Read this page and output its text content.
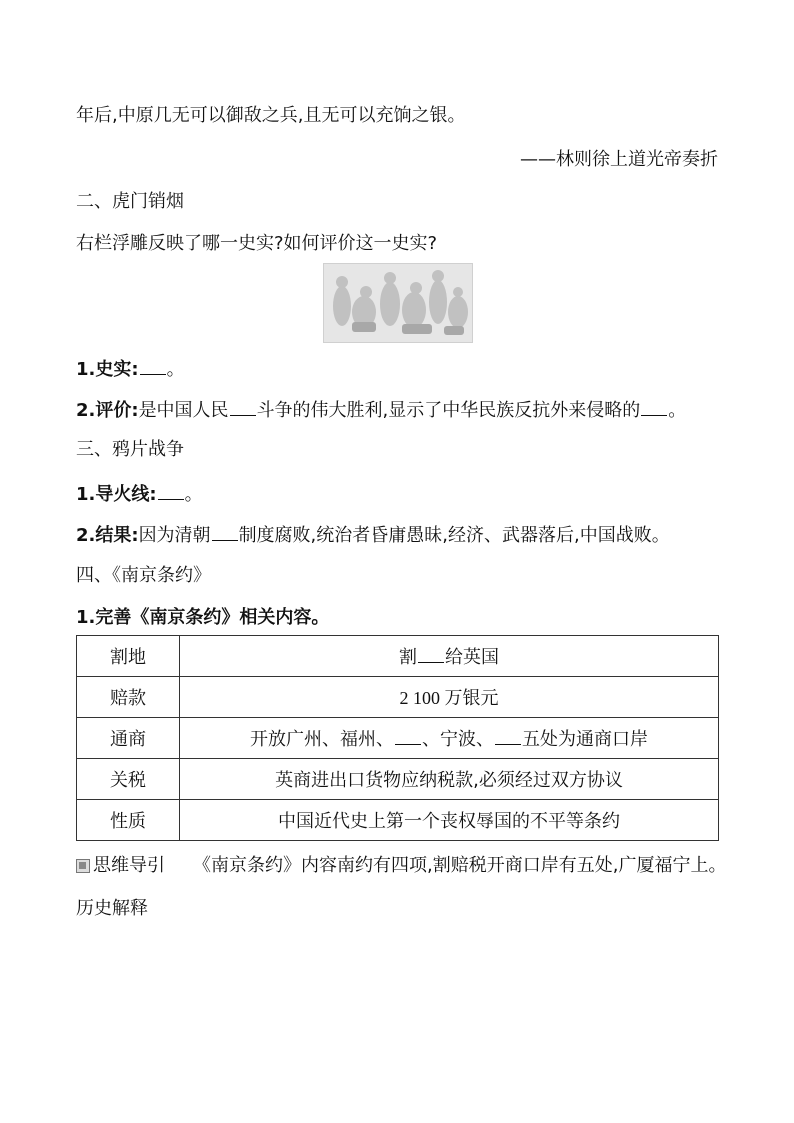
年后,中原几无可以御敌之兵,且无可以充饷之银。
——林则徐上道光帝奏折
二、虎门销烟
右栏浮雕反映了哪一史实?如何评价这一史实?
1.史实: 。
2.评价:是中国人民 斗争的伟大胜利,显示了中华民族反抗外来侵略的 。
三、鸦片战争
1.导火线: 。
2.结果:因为清朝 制度腐败,统治者昏庸愚昧,经济、武器落后,中国战败。
四、《南京条约》
1.完善《南京条约》相关内容。
割地	割 给英国
赔款	2 100 万银元
通商	开放广州、福州、 、宁波、 五处为通商口岸
关税	英商进出口货物应纳税款,必须经过双方协议
性质	中国近代史上第一个丧权辱国的不平等条约
思维导引 《南京条约》内容南约有四项,割赔税开商口岸有五处,广厦福宁上。
历史解释
